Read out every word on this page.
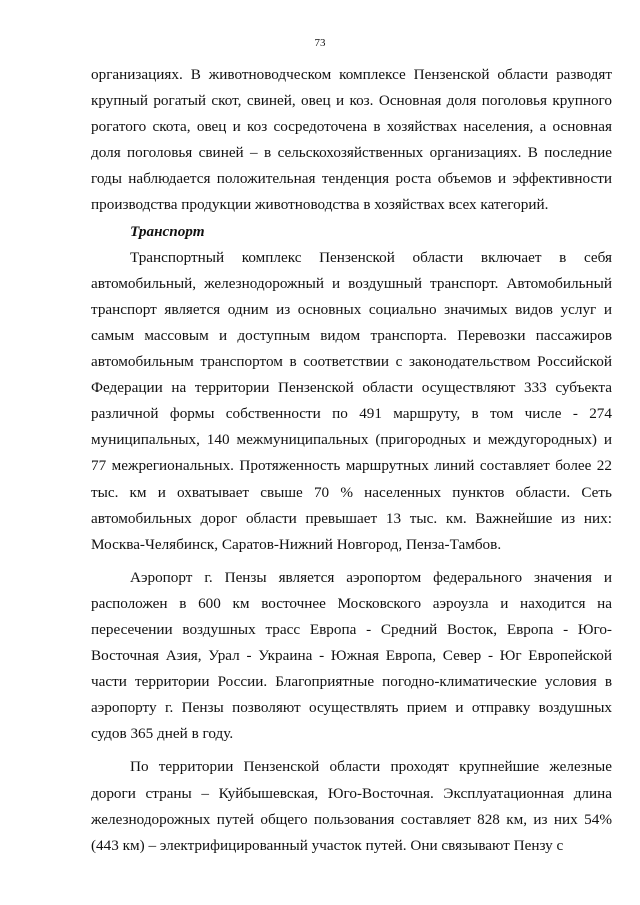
73

организациях. В животноводческом комплексе Пензенской области разводят крупный рогатый скот, свиней, овец и коз. Основная доля поголовья крупного рогатого скота, овец и коз сосредоточена в хозяйствах населения, а основная доля поголовья свиней – в сельскохозяйственных организациях. В последние годы наблюдается положительная тенденция роста объемов и эффективности производства продукции животноводства в хозяйствах всех категорий.

Транспорт

Транспортный комплекс Пензенской области включает в себя автомобильный, железнодорожный и воздушный транспорт. Автомобильный транспорт является одним из основных социально значимых видов услуг и самым массовым и доступным видом транспорта. Перевозки пассажиров автомобильным транспортом в соответствии с законодательством Российской Федерации на территории Пензенской области осуществляют 333 субъекта различной формы собственности по 491 маршруту, в том числе - 274 муниципальных, 140 межмуниципальных (пригородных и междугородных) и 77 межрегиональных. Протяженность маршрутных линий составляет более 22 тыс. км и охватывает свыше 70 % населенных пунктов области. Сеть автомобильных дорог области превышает 13 тыс. км. Важнейшие из них: Москва-Челябинск, Саратов-Нижний Новгород, Пенза-Тамбов.

Аэропорт г. Пензы является аэропортом федерального значения и расположен в 600 км восточнее Московского аэроузла и находится на пересечении воздушных трасс Европа - Средний Восток, Европа - Юго-Восточная Азия, Урал - Украина - Южная Европа, Север - Юг Европейской части территории России. Благоприятные погодно-климатические условия в аэропорту г. Пензы позволяют осуществлять прием и отправку воздушных судов 365 дней в году.

По территории Пензенской области проходят крупнейшие железные дороги страны – Куйбышевская, Юго-Восточная. Эксплуатационная длина железнодорожных путей общего пользования составляет 828 км, из них 54% (443 км) – электрифицированный участок путей. Они связывают Пензу с
